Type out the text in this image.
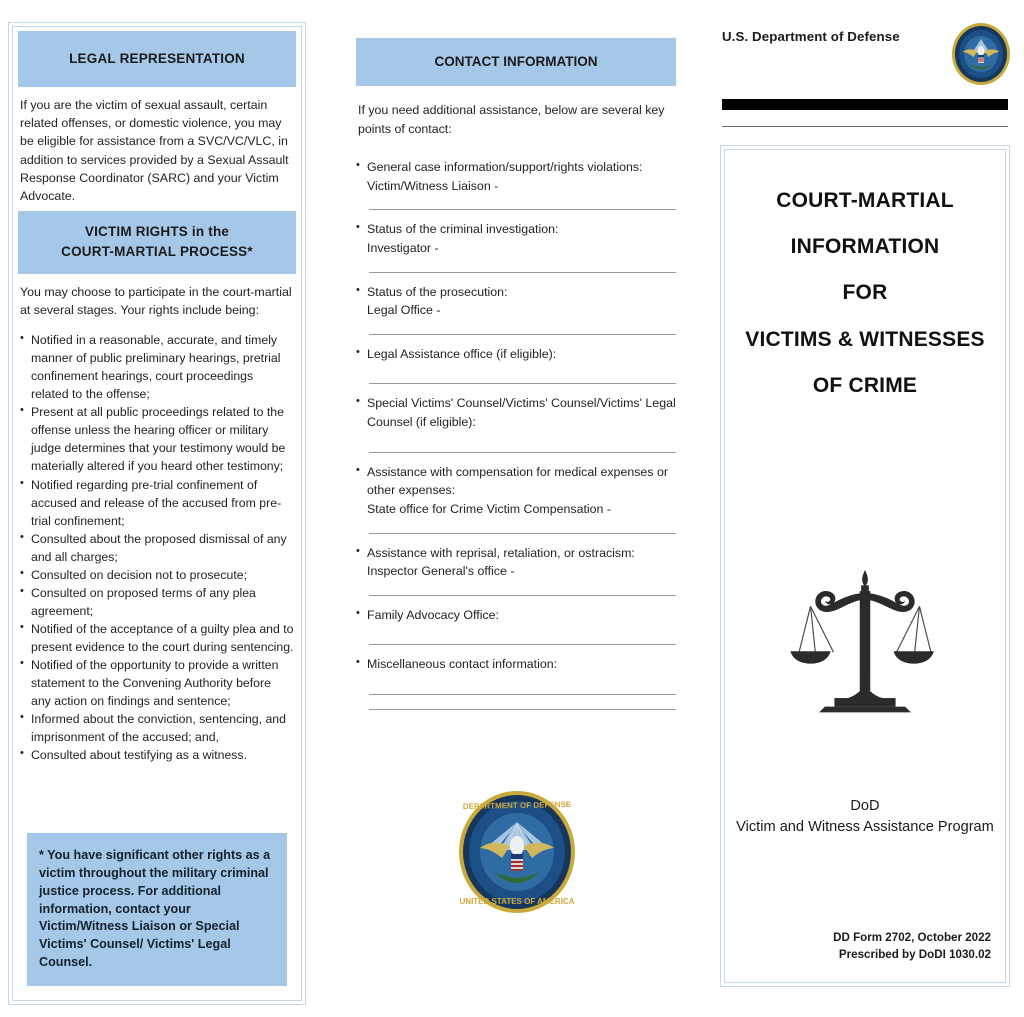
LEGAL REPRESENTATION
If you are the victim of sexual assault, certain related offenses, or domestic violence, you may be eligible for assistance from a SVC/VC/VLC, in addition to services provided by a Sexual Assault Response Coordinator (SARC) and your Victim Advocate.
VICTIM RIGHTS in the
COURT-MARTIAL PROCESS*
You may choose to participate in the court-martial at several stages. Your rights include being:
• Notified in a reasonable, accurate, and timely manner of public preliminary hearings, pretrial confinement hearings, court proceedings related to the offense;
• Present at all public proceedings related to the offense unless the hearing officer or military judge determines that your testimony would be materially altered if you heard other testimony;
• Notified regarding pre-trial confinement of accused and release of the accused from pre-trial confinement;
• Consulted about the proposed dismissal of any and all charges;
• Consulted on decision not to prosecute;
• Consulted on proposed terms of any plea agreement;
• Notified of the acceptance of a guilty plea and to present evidence to the court during sentencing.
• Notified of the opportunity to provide a written statement to the Convening Authority before any action on findings and sentence;
• Informed about the conviction, sentencing, and imprisonment of the accused; and,
• Consulted about testifying as a witness.
* You have significant other rights as a victim throughout the military criminal justice process. For additional information, contact your Victim/Witness Liaison or Special Victims' Counsel/ Victims' Legal Counsel.
CONTACT INFORMATION
If you need additional assistance, below are several key points of contact:
• General case information/support/rights violations:
Victim/Witness Liaison -
• Status of the criminal investigation:
Investigator -
• Status of the prosecution:
Legal Office -
• Legal Assistance office (if eligible):
• Special Victims' Counsel/Victims' Counsel/Victims' Legal Counsel (if eligible):
• Assistance with compensation for medical expenses or other expenses:
State office for Crime Victim Compensation -
• Assistance with reprisal, retaliation, or ostracism:
Inspector General's office -
• Family Advocacy Office:
• Miscellaneous contact information:
DEPARTMENT OF DEFENSE
UNITED STATES OF AMERICA
U.S. Department of Defense
COURT-MARTIAL
INFORMATION
FOR
VICTIMS & WITNESSES
OF CRIME
DoD
Victim and Witness Assistance Program
DD Form 2702, October 2022
Prescribed by DoDI 1030.02
